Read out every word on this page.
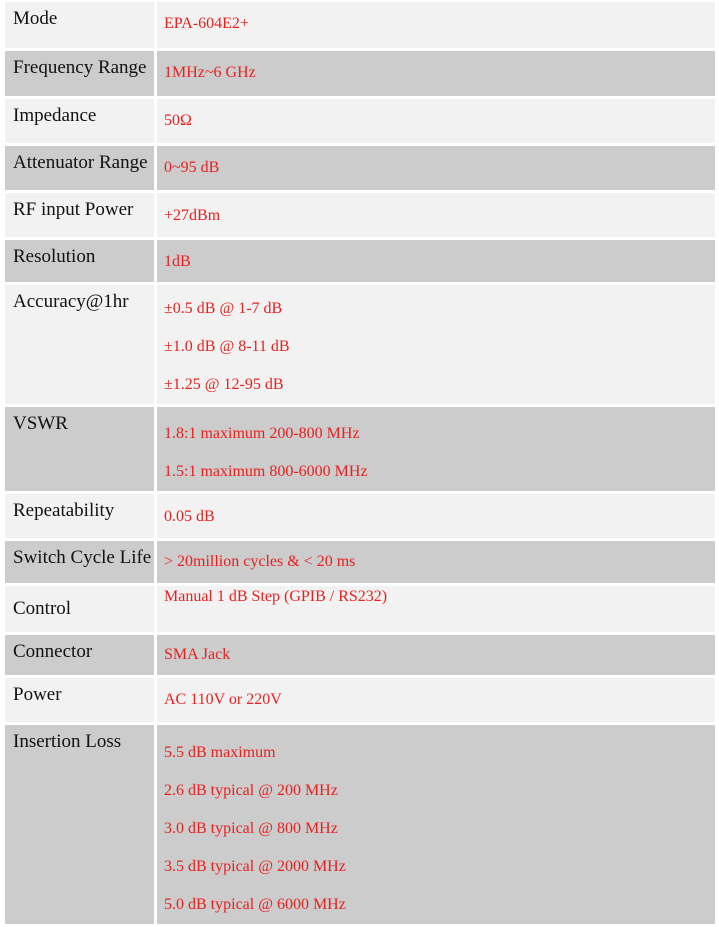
Mode	EPA-604E2+

Frequency Range	1MHz~6 GHz

Impedance	50Ω

Attenuator Range	0~95 dB

RF input Power	+27dBm

Resolution	1dB

Accuracy@1hr	±0.5 dB @ 1-7 dB
±1.0 dB @ 8-11 dB
±1.25 @ 12-95 dB

VSWR	1.8:1 maximum 200-800 MHz
1.5:1 maximum 800-6000 MHz

Repeatability	0.05 dB

Switch Cycle Life	> 20million cycles & < 20 ms

Control	Manual 1 dB Step (GPIB / RS232)

Connector	SMA Jack

Power	AC 110V or 220V

Insertion Loss	5.5 dB maximum
2.6 dB typical @ 200 MHz
3.0 dB typical @ 800 MHz
3.5 dB typical @ 2000 MHz
5.0 dB typical @ 6000 MHz
